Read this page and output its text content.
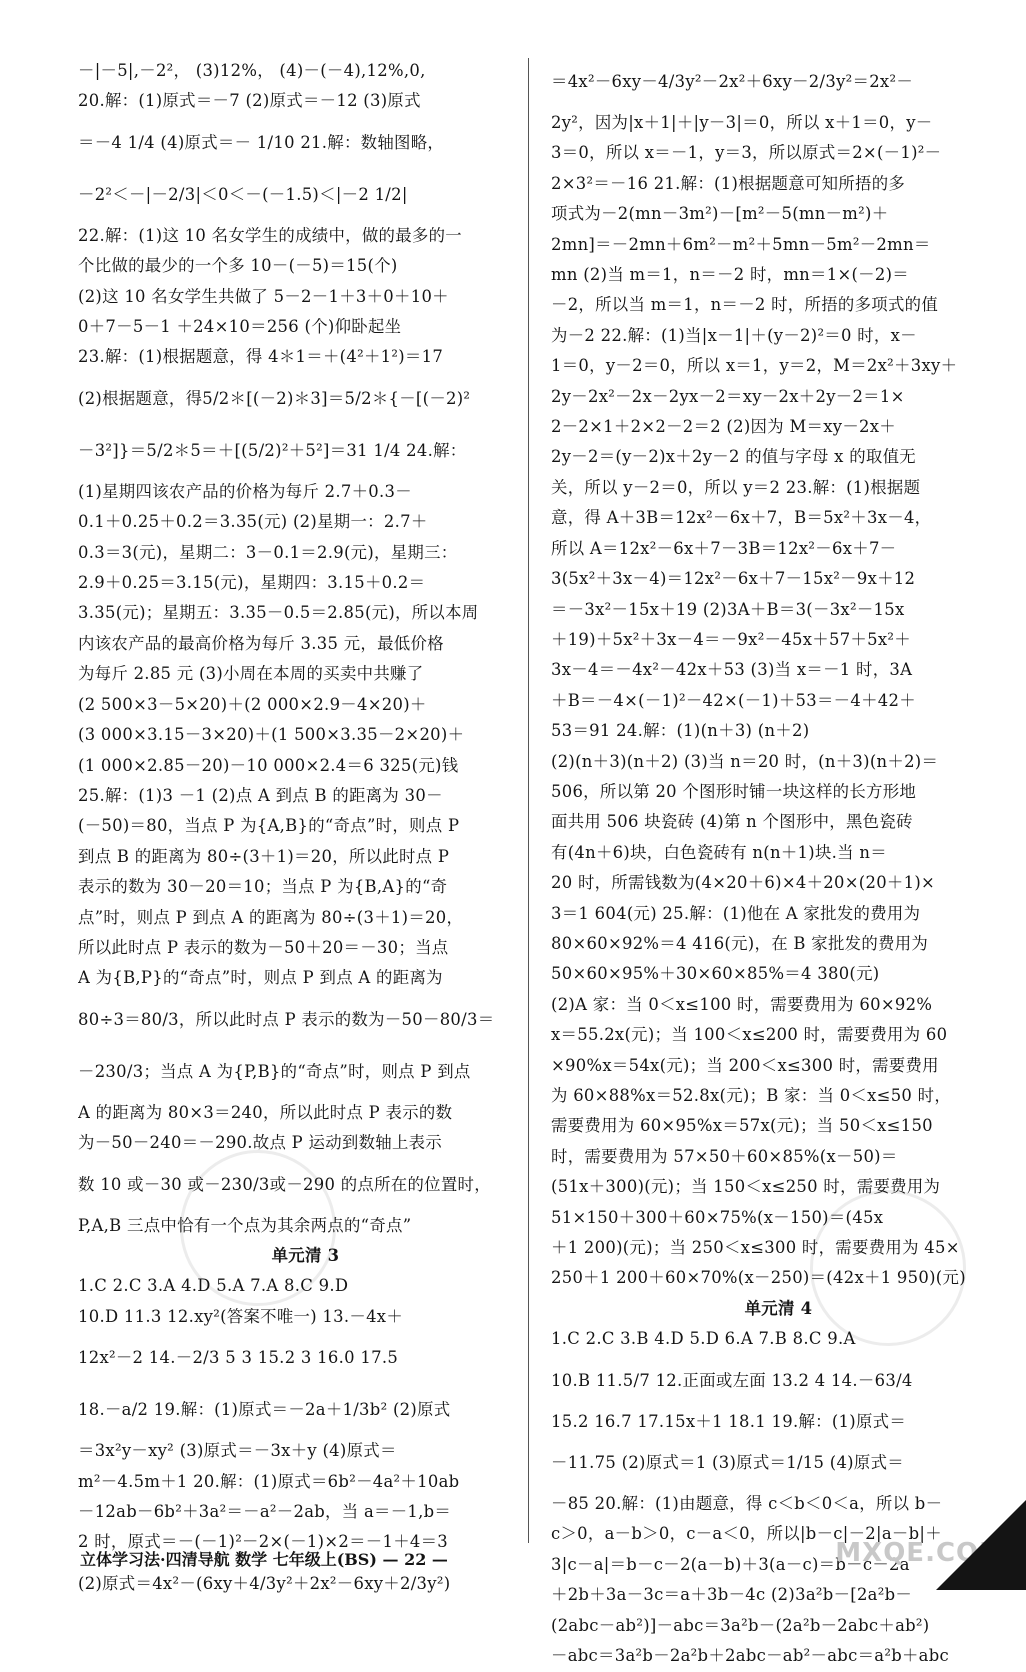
－|－5|,－2²， (3)12%， (4)－(－4),12%,0,
20.解：(1)原式＝－7 (2)原式＝－12 (3)原式
＝－4 1/4 (4)原式＝－ 1/10 21.解：数轴图略，
－2²＜－|－2/3|＜0＜－(－1.5)＜|－2 1/2|
22.解：(1)这 10 名女学生的成绩中，做的最多的一
个比做的最少的一个多 10－(－5)＝15(个)
(2)这 10 名女学生共做了 5－2－1＋3＋0＋10＋
0＋7－5－1 ＋24×10＝256 (个)仰卧起坐
23.解：(1)根据题意，得 4＊1＝＋(4²＋1²)＝17
(2)根据题意，得5/2＊[(－2)＊3]＝5/2＊{－[(－2)²
－3²]}＝5/2＊5＝＋[(5/2)²＋5²]＝31 1/4 24.解：
(1)星期四该农产品的价格为每斤 2.7＋0.3－
0.1＋0.25＋0.2＝3.35(元) (2)星期一：2.7＋
0.3＝3(元)，星期二：3－0.1＝2.9(元)，星期三：
2.9＋0.25＝3.15(元)，星期四：3.15＋0.2＝
3.35(元)；星期五：3.35－0.5＝2.85(元)，所以本周
内该农产品的最高价格为每斤 3.35 元，最低价格
为每斤 2.85 元 (3)小周在本周的买卖中共赚了
(2 500×3－5×20)＋(2 000×2.9－4×20)＋
(3 000×3.15－3×20)＋(1 500×3.35－2×20)＋
(1 000×2.85－20)－10 000×2.4＝6 325(元)钱
25.解：(1)3 －1 (2)点 A 到点 B 的距离为 30－
(－50)＝80，当点 P 为{A,B}的“奇点”时，则点 P
到点 B 的距离为 80÷(3＋1)＝20，所以此时点 P
表示的数为 30－20＝10；当点 P 为{B,A}的“奇
点”时，则点 P 到点 A 的距离为 80÷(3＋1)＝20，
所以此时点 P 表示的数为－50＋20＝－30；当点
A 为{B,P}的“奇点”时，则点 P 到点 A 的距离为
80÷3＝80/3，所以此时点 P 表示的数为－50－80/3＝
－230/3；当点 A 为{P,B}的“奇点”时，则点 P 到点
A 的距离为 80×3＝240，所以此时点 P 表示的数
为－50－240＝－290.故点 P 运动到数轴上表示
数 10 或－30 或－230/3或－290 的点所在的位置时，
P,A,B 三点中恰有一个点为其余两点的“奇点”
单元清 3
1.C 2.C 3.A 4.D 5.A 7.A 8.C 9.D
10.D 11.3 12.xy²(答案不唯一) 13.－4x＋
12x²－2 14.－2/3 5 3 15.2 3 16.0 17.5
18.－a/2 19.解：(1)原式＝－2a＋1/3b² (2)原式
＝3x²y－xy² (3)原式＝－3x＋y (4)原式＝
m²－4.5m＋1 20.解：(1)原式＝6b²－4a²＋10ab
－12ab－6b²＋3a²＝－a²－2ab，当 a＝－1,b＝
2 时，原式＝－(－1)²－2×(－1)×2＝－1＋4＝3
(2)原式＝4x²－(6xy＋4/3y²＋2x²－6xy＋2/3y²)
＝4x²－6xy－4/3y²－2x²＋6xy－2/3y²＝2x²－
2y²，因为|x＋1|＋|y－3|＝0，所以 x＋1＝0，y－
3＝0，所以 x＝－1，y＝3，所以原式＝2×(－1)²－
2×3²＝－16 21.解：(1)根据题意可知所捂的多
项式为－2(mn－3m²)－[m²－5(mn－m²)＋
2mn]＝－2mn＋6m²－m²＋5mn－5m²－2mn＝
mn (2)当 m＝1，n＝－2 时，mn＝1×(－2)＝
－2，所以当 m＝1，n＝－2 时，所捂的多项式的值
为－2 22.解：(1)当|x－1|＋(y－2)²＝0 时，x－
1＝0，y－2＝0，所以 x＝1，y＝2，M＝2x²＋3xy＋
2y－2x²－2x－2yx－2＝xy－2x＋2y－2＝1×
2－2×1＋2×2－2＝2 (2)因为 M＝xy－2x＋
2y－2＝(y－2)x＋2y－2 的值与字母 x 的取值无
关，所以 y－2＝0，所以 y＝2 23.解：(1)根据题
意，得 A＋3B＝12x²－6x＋7，B＝5x²＋3x－4，
所以 A＝12x²－6x＋7－3B＝12x²－6x＋7－
3(5x²＋3x－4)＝12x²－6x＋7－15x²－9x＋12
＝－3x²－15x＋19 (2)3A＋B＝3(－3x²－15x
＋19)＋5x²＋3x－4＝－9x²－45x＋57＋5x²＋
3x－4＝－4x²－42x＋53 (3)当 x＝－1 时，3A
＋B＝－4×(－1)²－42×(－1)＋53＝－4＋42＋
53＝91 24.解：(1)(n＋3) (n＋2)
(2)(n＋3)(n＋2) (3)当 n＝20 时，(n＋3)(n＋2)＝
506，所以第 20 个图形时铺一块这样的长方形地
面共用 506 块瓷砖 (4)第 n 个图形中，黑色瓷砖
有(4n＋6)块，白色瓷砖有 n(n＋1)块.当 n＝
20 时，所需钱数为(4×20＋6)×4＋20×(20＋1)×
3＝1 604(元) 25.解：(1)他在 A 家批发的费用为
80×60×92%＝4 416(元)，在 B 家批发的费用为
50×60×95%＋30×60×85%＝4 380(元)
(2)A 家：当 0＜x≤100 时，需要费用为 60×92%
x＝55.2x(元)；当 100＜x≤200 时，需要费用为 60
×90%x＝54x(元)；当 200＜x≤300 时，需要费用
为 60×88%x＝52.8x(元)；B 家：当 0＜x≤50 时，
需要费用为 60×95%x＝57x(元)；当 50＜x≤150
时，需要费用为 57×50＋60×85%(x－50)＝
(51x＋300)(元)；当 150＜x≤250 时，需要费用为
51×150＋300＋60×75%(x－150)＝(45x
＋1 200)(元)；当 250＜x≤300 时，需要费用为 45×
250＋1 200＋60×70%(x－250)＝(42x＋1 950)(元)
单元清 4
1.C 2.C 3.B 4.D 5.D 6.A 7.B 8.C 9.A
10.B 11.5/7 12.正面或左面 13.2 4 14.－63/4
15.2 16.7 17.15x＋1 18.1 19.解：(1)原式＝
－11.75 (2)原式＝1 (3)原式＝1/15 (4)原式＝
－85 20.解：(1)由题意，得 c＜b＜0＜a，所以 b－
c＞0，a－b＞0，c－a＜0，所以|b－c|－2|a－b|＋
3|c－a|＝b－c－2(a－b)＋3(a－c)＝b－c－2a
＋2b＋3a－3c＝a＋3b－4c (2)3a²b－[2a²b－
(2abc－ab²)]－abc＝3a²b－(2a²b－2abc＋ab²)
－abc＝3a²b－2a²b＋2abc－ab²－abc＝a²b＋abc
立体学习法·四清导航 数学 七年级上(BS) — 22 —	MXQE.COM
